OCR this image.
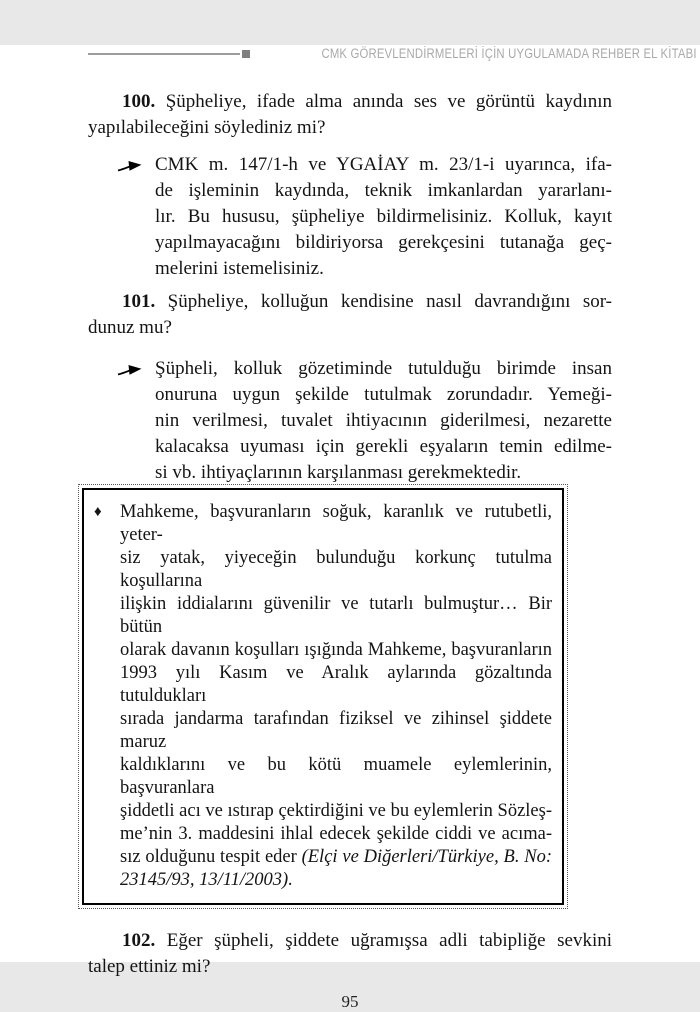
CMK GÖREVLENDİRMELERİ İÇİN UYGULAMADA REHBER EL KİTABI
100. Şüpheliye, ifade alma anında ses ve görüntü kaydının
yapılabileceğini söylediniz mi?
CMK m. 147/1-h ve YGAİAY m. 23/1-i uyarınca, ifa-
de işleminin kaydında, teknik imkanlardan yararlanı-
lır. Bu hususu, şüpheliye bildirmelisiniz. Kolluk, kayıt
yapılmayacağını bildiriyorsa gerekçesini tutanağa geç-
melerini istemelisiniz.
101. Şüpheliye, kolluğun kendisine nasıl davrandığını sor-
dunuz mu?
Şüpheli, kolluk gözetiminde tutulduğu birimde insan
onuruna uygun şekilde tutulmak zorundadır. Yemeği-
nin verilmesi, tuvalet ihtiyacının giderilmesi, nezarette
kalacaksa uyuması için gerekli eşyaların temin edilme-
si vb. ihtiyaçlarının karşılanması gerekmektedir.
♦ Mahkeme, başvuranların soğuk, karanlık ve rutubetli, yeter-
siz yatak, yiyeceğin bulunduğu korkunç tutulma koşullarına
ilişkin iddialarını güvenilir ve tutarlı bulmuştur… Bir bütün
olarak davanın koşulları ışığında Mahkeme, başvuranların
1993 yılı Kasım ve Aralık aylarında gözaltında tutuldukları
sırada jandarma tarafından fiziksel ve zihinsel şiddete maruz
kaldıklarını ve bu kötü muamele eylemlerinin, başvuranlara
şiddetli acı ve ıstırap çektirdiğini ve bu eylemlerin Sözleş-
me’nin 3. maddesini ihlal edecek şekilde ciddi ve acıma-
sız olduğunu tespit eder (Elçi ve Diğerleri/Türkiye, B. No:
23145/93, 13/11/2003).
102. Eğer şüpheli, şiddete uğramışsa adli tabipliğe sevkini
talep ettiniz mi?
95
